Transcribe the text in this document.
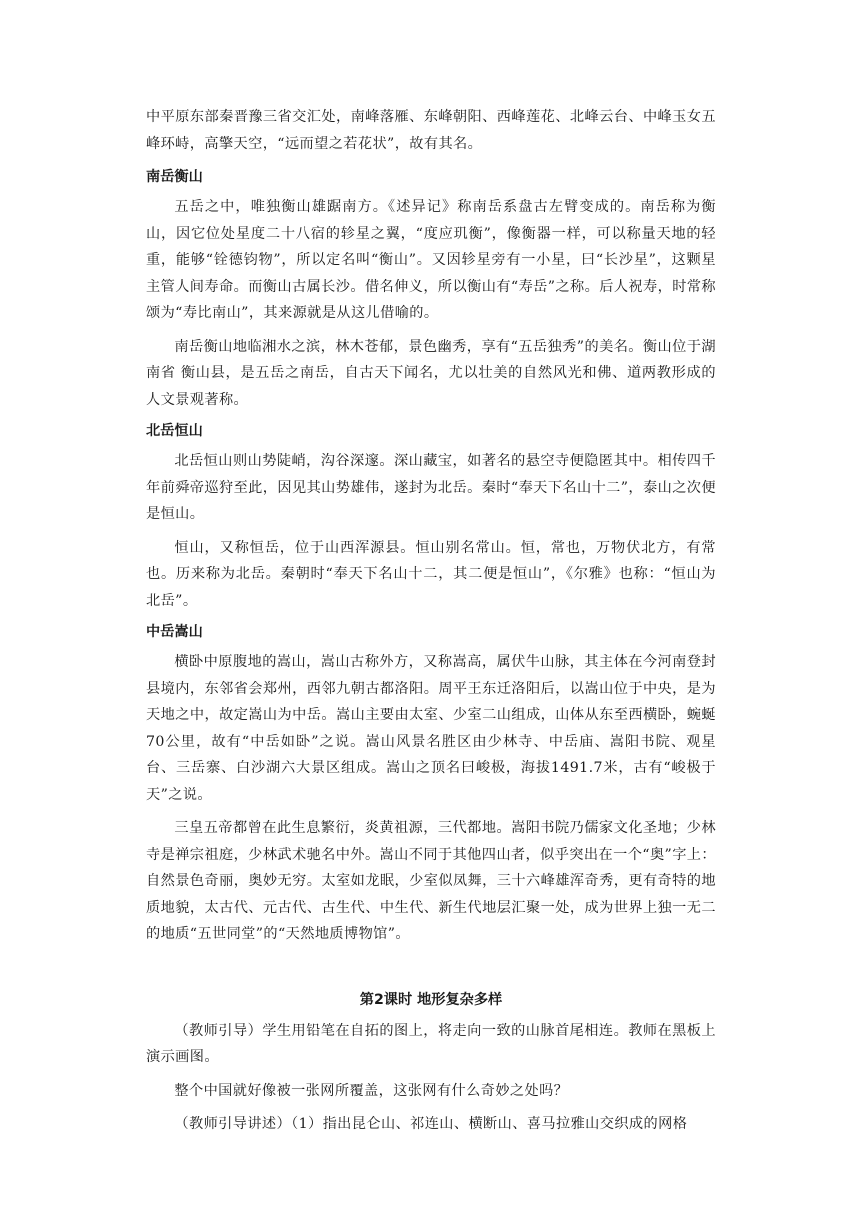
中平原东部秦晋豫三省交汇处，南峰落雁、东峰朝阳、西峰莲花、北峰云台、中峰玉女五峰环峙，高擎天空，“远而望之若花状”，故有其名。

南岳衡山

五岳之中，唯独衡山雄踞南方。《述异记》称南岳系盘古左臂变成的。南岳称为衡山，因它位处星度二十八宿的轸星之翼，“度应玑衡”，像衡器一样，可以称量天地的轻重，能够“铨德钧物”，所以定名叫“衡山”。又因轸星旁有一小星，曰“长沙星”，这颗星主管人间寿命。而衡山古属长沙。借名伸义，所以衡山有“寿岳”之称。后人祝寿，时常称颂为“寿比南山”，其来源就是从这儿借喻的。

南岳衡山地临湘水之滨，林木苍郁，景色幽秀，享有“五岳独秀”的美名。衡山位于湖南省 衡山县，是五岳之南岳，自古天下闻名，尤以壮美的自然风光和佛、道两教形成的人文景观著称。

北岳恒山

北岳恒山则山势陡峭，沟谷深邃。深山藏宝，如著名的悬空寺便隐匿其中。相传四千年前舜帝巡狩至此，因见其山势雄伟，遂封为北岳。秦时“奉天下名山十二”，泰山之次便是恒山。

恒山，又称恒岳，位于山西浑源县。恒山别名常山。恒，常也，万物伏北方，有常也。历来称为北岳。秦朝时“奉天下名山十二，其二便是恒山”，《尔雅》也称：“恒山为北岳”。

中岳嵩山

横卧中原腹地的嵩山，嵩山古称外方，又称嵩高，属伏牛山脉，其主体在今河南登封县境内，东邻省会郑州，西邻九朝古都洛阳。周平王东迁洛阳后，以嵩山位于中央，是为天地之中，故定嵩山为中岳。嵩山主要由太室、少室二山组成，山体从东至西横卧，蜿蜒70公里，故有“中岳如卧”之说。嵩山风景名胜区由少林寺、中岳庙、嵩阳书院、观星台、三岳寨、白沙湖六大景区组成。嵩山之顶名曰峻极，海拔1491.7米，古有“峻极于天”之说。

三皇五帝都曾在此生息繁衍，炎黄祖源，三代都地。嵩阳书院乃儒家文化圣地；少林寺是禅宗祖庭，少林武术驰名中外。嵩山不同于其他四山者，似乎突出在一个“奥”字上：自然景色奇丽，奥妙无穷。太室如龙眠，少室似凤舞，三十六峰雄浑奇秀，更有奇特的地质地貌，太古代、元古代、古生代、中生代、新生代地层汇聚一处，成为世界上独一无二的地质“五世同堂”的“天然地质博物馆”。

第2课时 地形复杂多样

（教师引导）学生用铅笔在自拓的图上，将走向一致的山脉首尾相连。教师在黑板上演示画图。

整个中国就好像被一张网所覆盖，这张网有什么奇妙之处吗？

（教师引导讲述）（1）指出昆仑山、祁连山、横断山、喜马拉雅山交织成的网格
